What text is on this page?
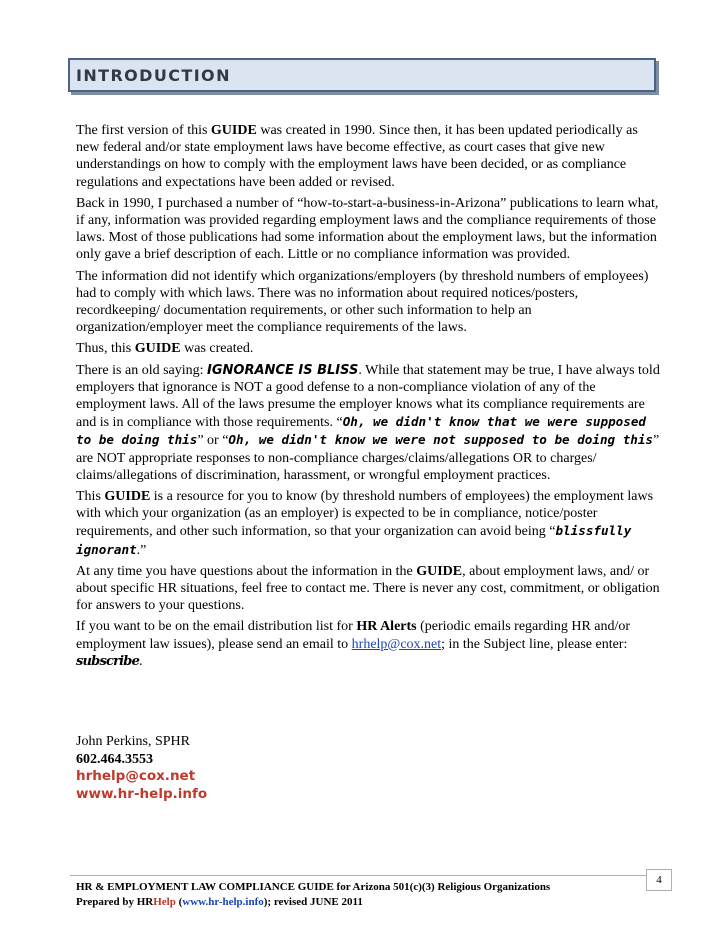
INTRODUCTION

The first version of this GUIDE was created in 1990. Since then, it has been updated periodically as new federal and/or state employment laws have become effective, as court cases that give new understandings on how to comply with the employment laws have been decided, or as compliance regulations and expectations have been added or revised.

Back in 1990, I purchased a number of “how-to-start-a-business-in-Arizona” publications to learn what, if any, information was provided regarding employment laws and the compliance requirements of those laws. Most of those publications had some information about the employment laws, but the information only gave a brief description of each. Little or no compliance information was provided.

The information did not identify which organizations/employers (by threshold numbers of employees) had to comply with which laws. There was no information about required notices/posters, recordkeeping/ documentation requirements, or other such information to help an organization/employer meet the compliance requirements of the laws.

Thus, this GUIDE was created.

There is an old saying: IGNORANCE IS BLISS. While that statement may be true, I have always told employers that ignorance is NOT a good defense to a non-compliance violation of any of the employment laws. All of the laws presume the employer knows what its compliance requirements are and is in compliance with those requirements. “Oh, we didn't know that we were supposed to be doing this” or “Oh, we didn't know we were not supposed to be doing this” are NOT appropriate responses to non-compliance charges/claims/allegations OR to charges/ claims/allegations of discrimination, harassment, or wrongful employment practices.

This GUIDE is a resource for you to know (by threshold numbers of employees) the employment laws with which your organization (as an employer) is expected to be in compliance, notice/poster requirements, and other such information, so that your organization can avoid being “blissfully ignorant.”

At any time you have questions about the information in the GUIDE, about employment laws, and/ or about specific HR situations, feel free to contact me. There is never any cost, commitment, or obligation for answers to your questions.

If you want to be on the email distribution list for HR Alerts (periodic emails regarding HR and/or employment law issues), please send an email to hrhelp@cox.net; in the Subject line, please enter:
subscribe.

John Perkins, SPHR
602.464.3553
hrhelp@cox.net
www.hr-help.info
4
HR & EMPLOYMENT LAW COMPLIANCE GUIDE for Arizona 501(c)(3) Religious Organizations
Prepared by HRHelp (www.hr-help.info); revised JUNE 2011
